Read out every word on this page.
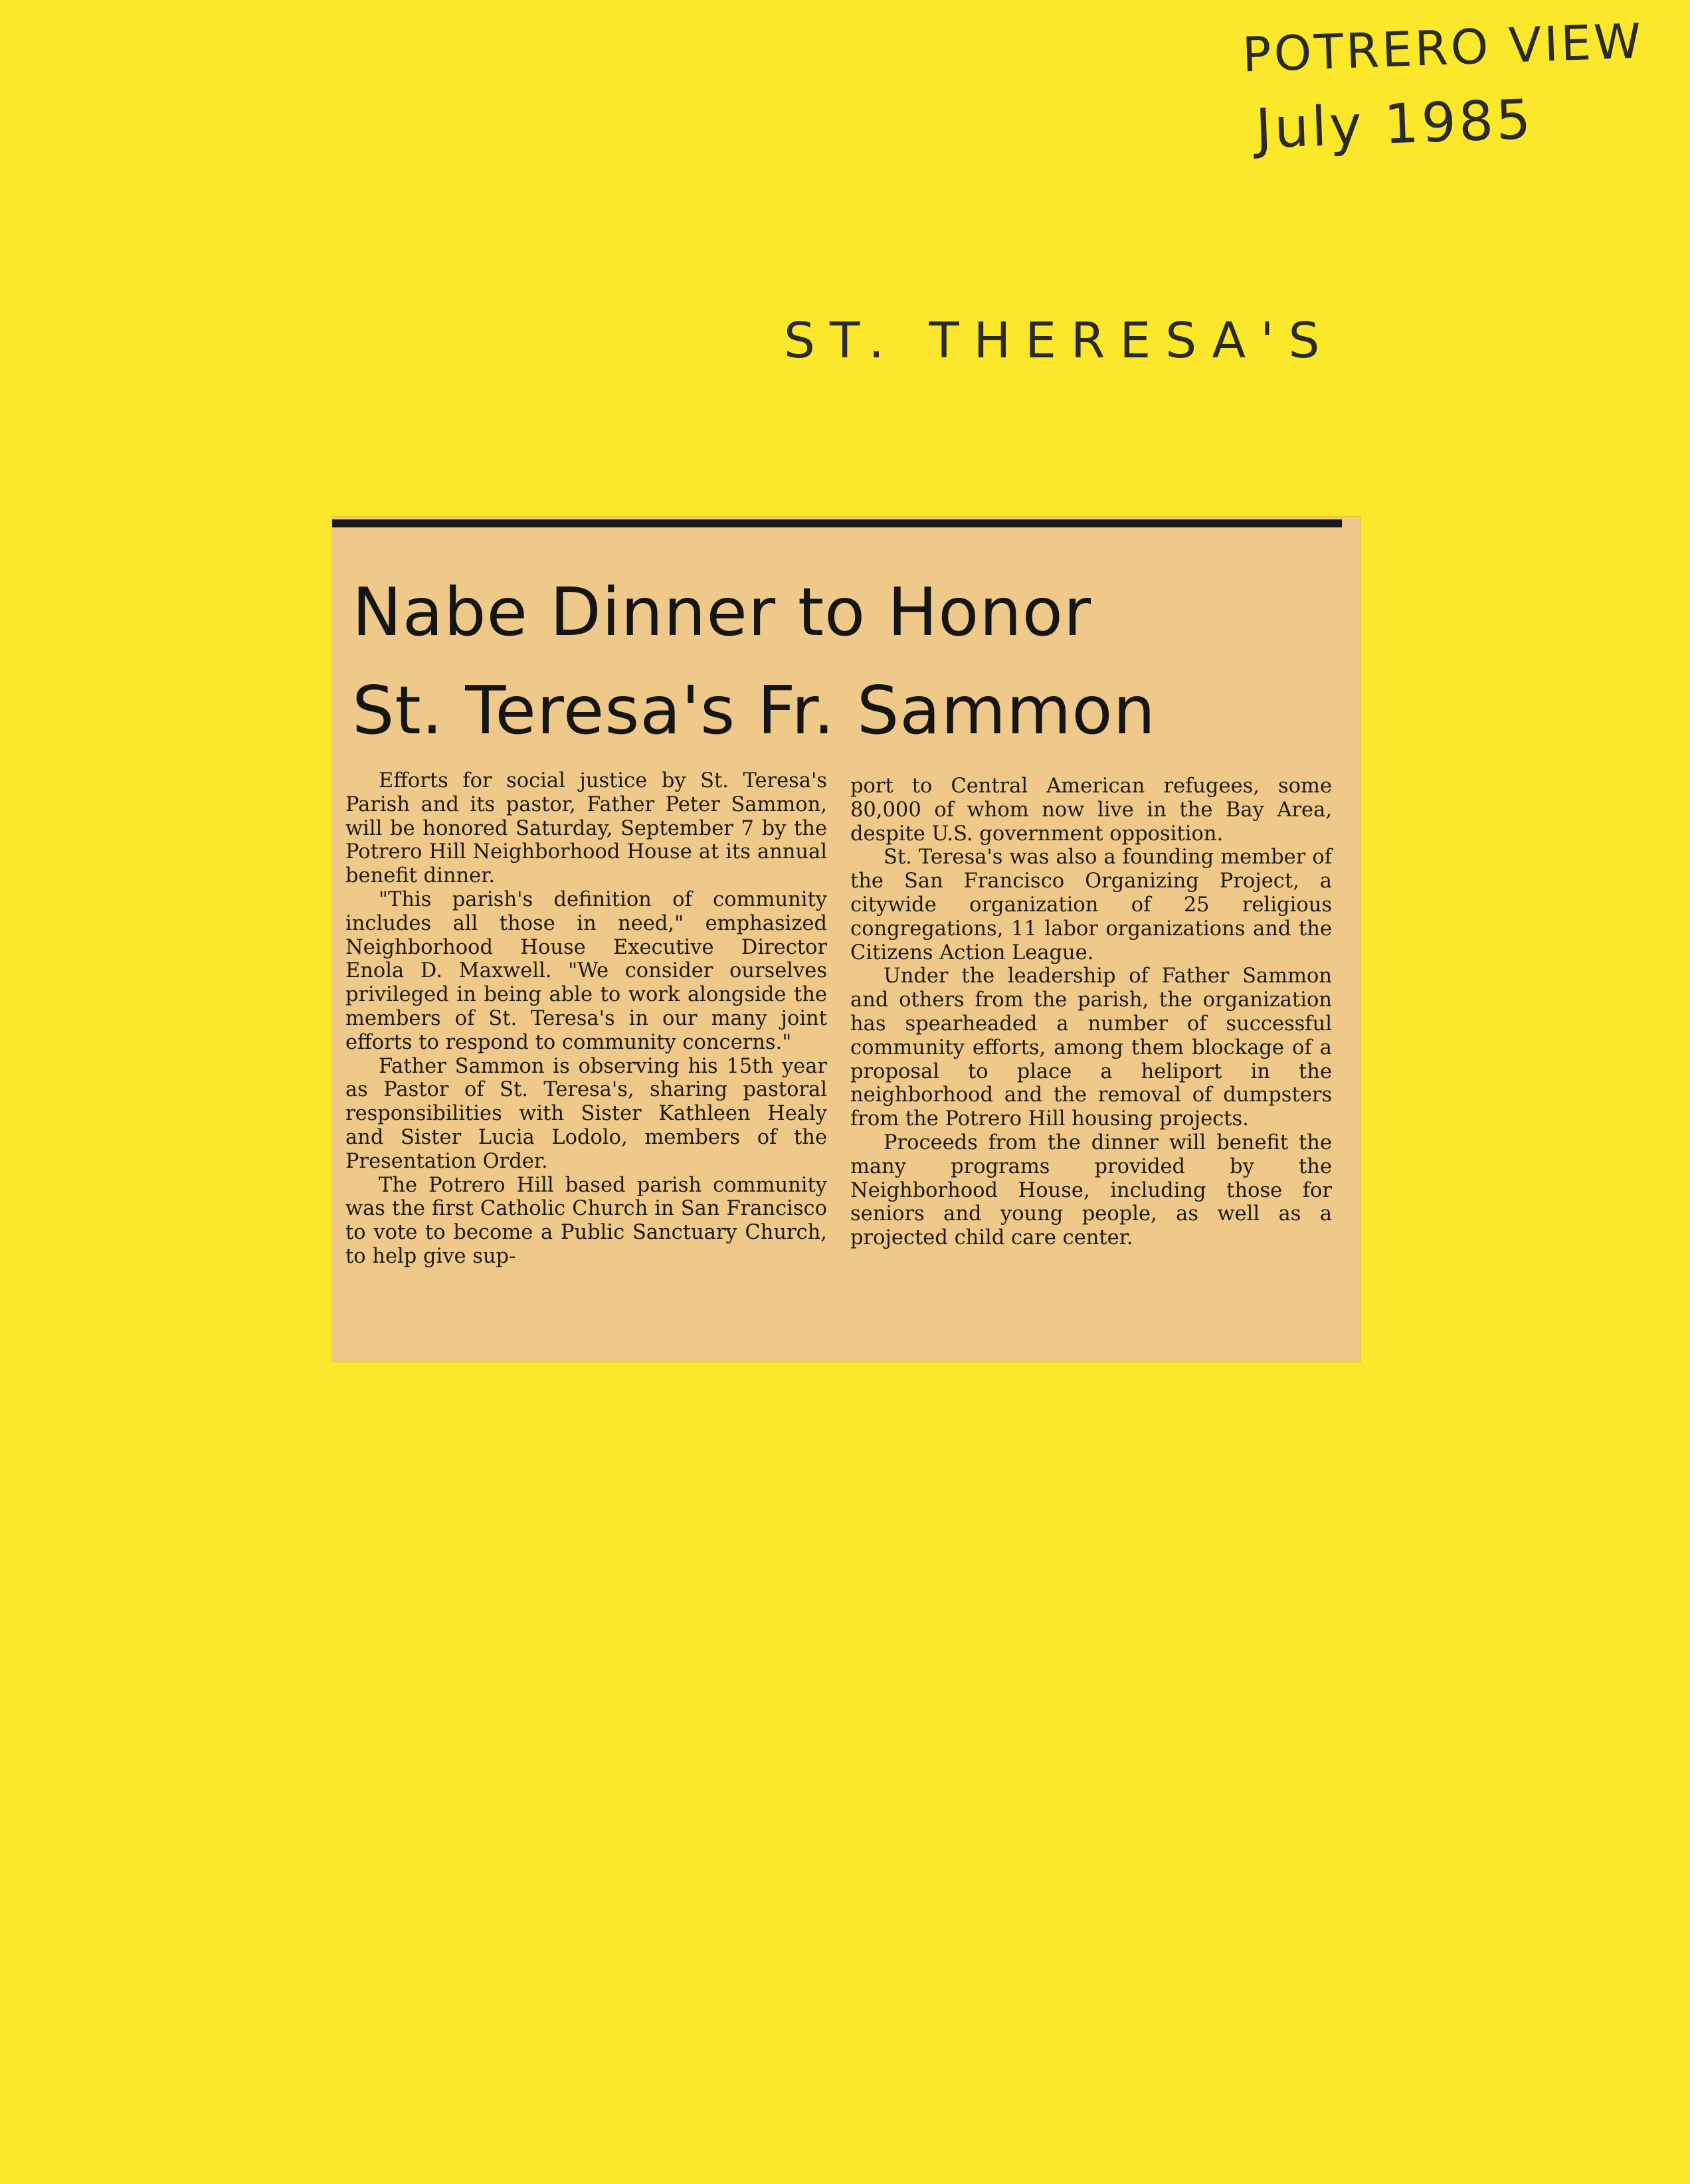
POTRERO VIEW
July 1985
ST. THERESA'S
Nabe Dinner to Honor
St. Teresa's Fr. Sammon

Efforts for social justice by St. Teresa's Parish and its pastor, Father Peter Sammon, will be honored Saturday, September 7 by the Potrero Hill Neighborhood House at its annual benefit dinner.

"This parish's definition of community includes all those in need," emphasized Neighborhood House Executive Director Enola D. Maxwell. "We consider ourselves privileged in being able to work alongside the members of St. Teresa's in our many joint efforts to respond to community concerns."

Father Sammon is observing his 15th year as Pastor of St. Teresa's, sharing pastoral responsibilities with Sister Kathleen Healy and Sister Lucia Lodolo, members of the Presentation Order.

The Potrero Hill based parish community was the first Catholic Church in San Francisco to vote to become a Public Sanctuary Church, to help give sup-

port to Central American refugees, some 80,000 of whom now live in the Bay Area, despite U.S. government opposition.

St. Teresa's was also a founding member of the San Francisco Organizing Project, a citywide organization of 25 religious congregations, 11 labor organizations and the Citizens Action League.

Under the leadership of Father Sammon and others from the parish, the organization has spearheaded a number of successful community efforts, among them blockage of a proposal to place a heliport in the neighborhood and the removal of dumpsters from the Potrero Hill housing projects.

Proceeds from the dinner will benefit the many programs provided by the Neighborhood House, including those for seniors and young people, as well as a projected child care center.
